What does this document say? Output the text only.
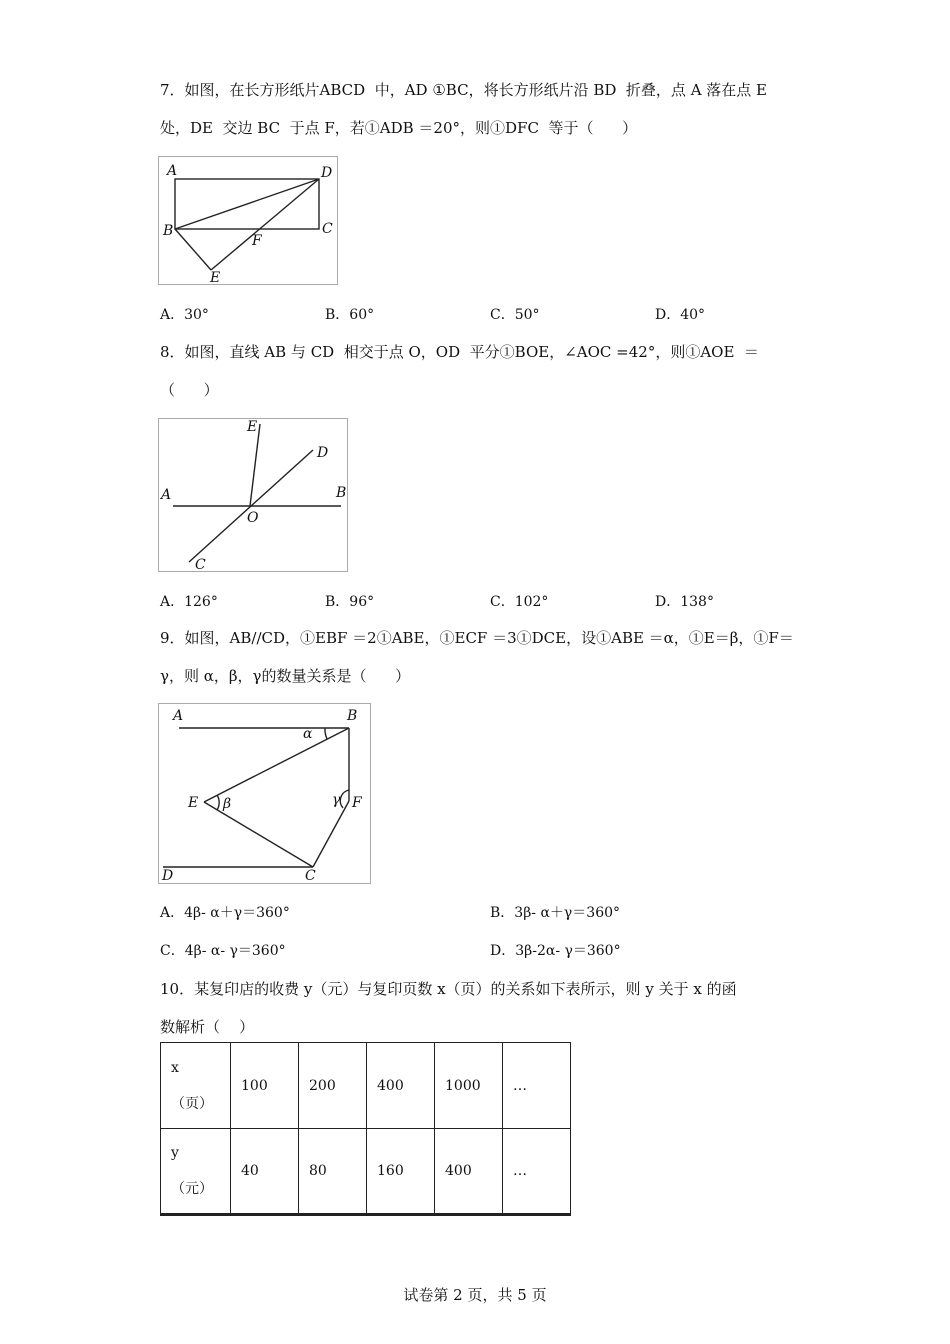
7．如图，在长方形纸片ABCD  中，AD ①BC，将长方形纸片沿 BD  折叠，点 A 落在点 E
处，DE  交边 BC  于点 F，若①ADB ＝20°，则①DFC  等于（      ）
A	D
B	C
F
E
A．30°	B．60°	C．50°	D．40°
8．如图，直线 AB 与 CD  相交于点 O，OD  平分①BOE，∠AOC =42°，则①AOE  ＝
（      ）
A	B
O
E
D
C
A．126°	B．96°	C．102°	D．138°
9．如图，AB/∕CD，①EBF ＝2①ABE，①ECF ＝3①DCE，设①ABE ＝α，①E＝β，①F＝
γ，则 α，β，γ的数量关系是（      ）
A	B
α
E β	γ F
D	C
A．4β- α＋γ＝360°	B．3β- α＋γ＝360°
C．4β- α- γ＝360°	D．3β-2α- γ＝360°
10．某复印店的收费 y（元）与复印页数 x（页）的关系如下表所示，则 y 关于 x 的函
数解析（    ）
x
（页）	100	200	400	1000	…

y
（元）	40	80	160	400	…
试卷第 2 页，共 5 页
